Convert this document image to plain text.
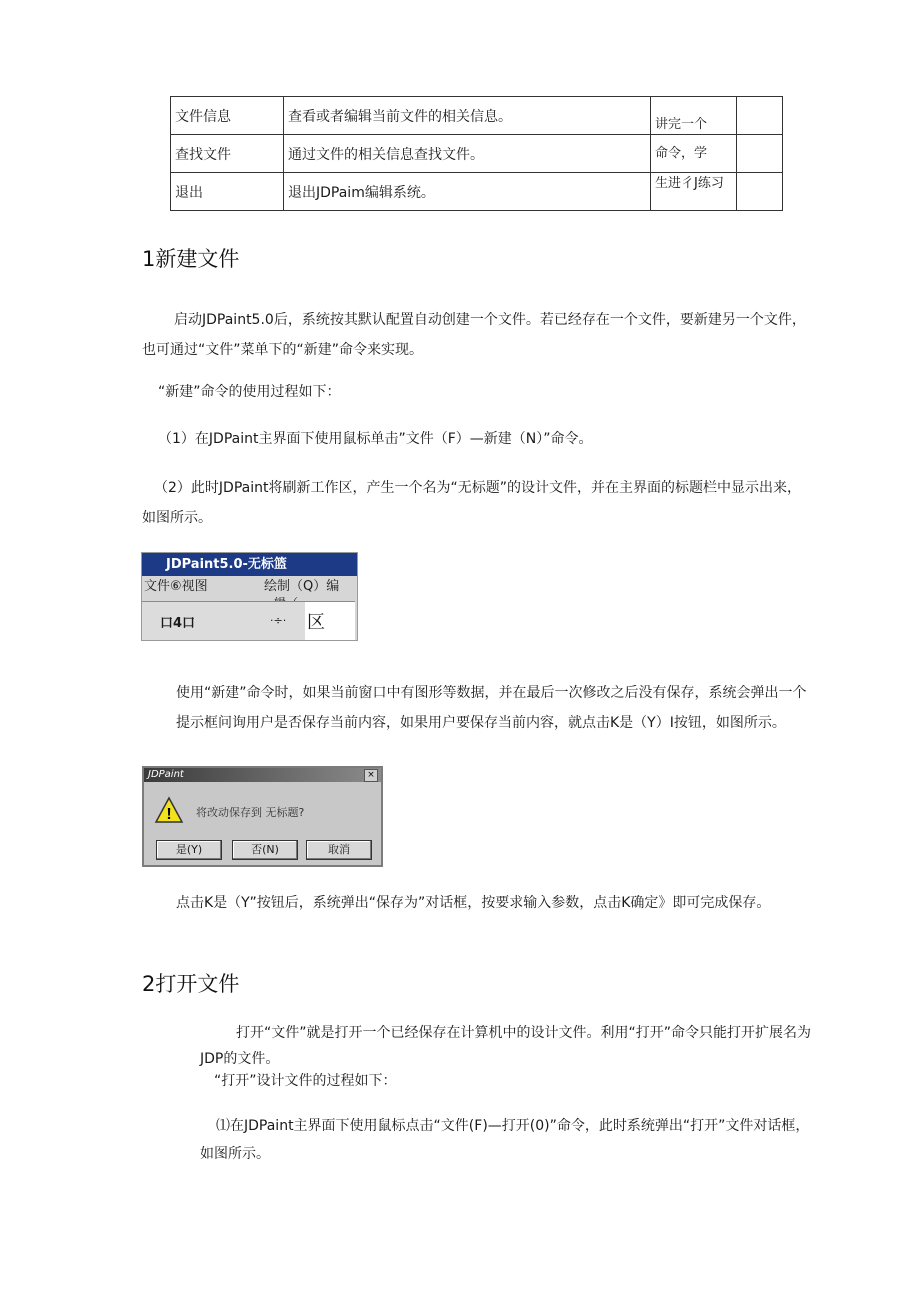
文件信息	查看或者编辑当前文件的相关信息。	讲完一个	
查找文件	通过文件的相关信息查找文件。	命令，学	
退出	退出JDPaim编辑系统。	生进彳J练习	

1新建文件
启动JDPaint5.0后，系统按其默认配置自动创建一个文件。若已经存在一个文件，要新建另一个文件，也可通过“文件”菜单下的“新建”命令来实现。
“新建”命令的使用过程如下：
（1）在JDPaint主界面下使用鼠标单击”文件（F）—新建（N）”命令。
（2）此时JDPaint将刷新工作区，产生一个名为“无标题”的设计文件，并在主界面的标题栏中显示出来，如图所示。
JDPaint5.0-无标篮
文件⑥视图	绘制（Q）编
口4口	·÷· 区
使用“新建”命令时，如果当前窗口中有图形等数据，并在最后一次修改之后没有保存，系统会弹出一个提示框问询用户是否保存当前内容，如果用户要保存当前内容，就点击K是（Y）I按钮，如图所示。
JDPaint	×
! 将改动保存到 无标题?
是(Y)	否(N)	取消
点击K是（Y”按钮后，系统弹出“保存为”对话框，按要求输入参数，点击K确定》即可完成保存。
2打开文件
打开“文件”就是打开一个已经保存在计算机中的设计文件。利用“打开”命令只能打开扩展名为JDP的文件。
“打开”设计文件的过程如下：
⑴在JDPaint主界面下使用鼠标点击“文件(F)—打开(0)”命令，此时系统弹出“打开”文件对话框，如图所示。
